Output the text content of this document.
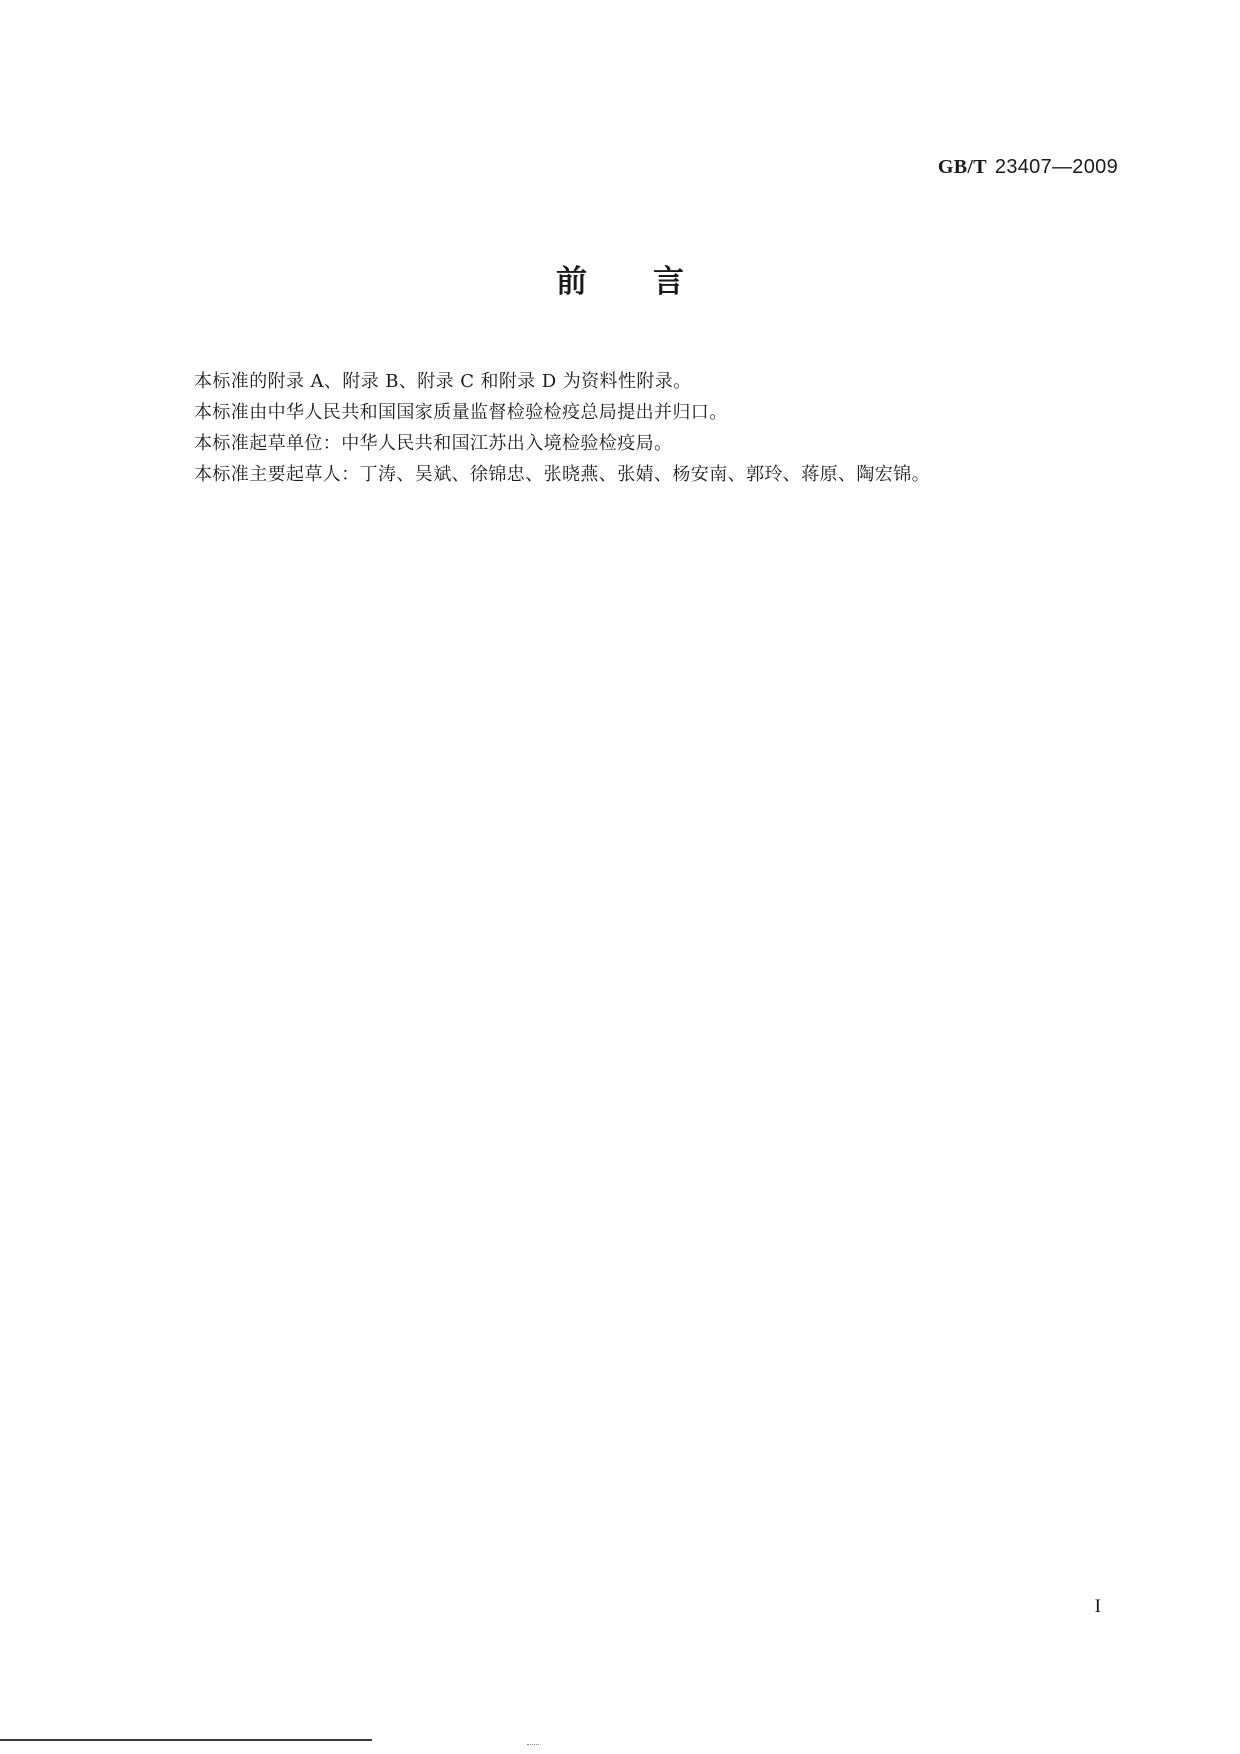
GB/T 23407—2009
前 言
本标准的附录 A、附录 B、附录 C 和附录 D 为资料性附录。
本标准由中华人民共和国国家质量监督检验检疫总局提出并归口。
本标准起草单位：中华人民共和国江苏出入境检验检疫局。
本标准主要起草人：丁涛、吴斌、徐锦忠、张晓燕、张婧、杨安南、郭玲、蒋原、陶宏锦。
I
